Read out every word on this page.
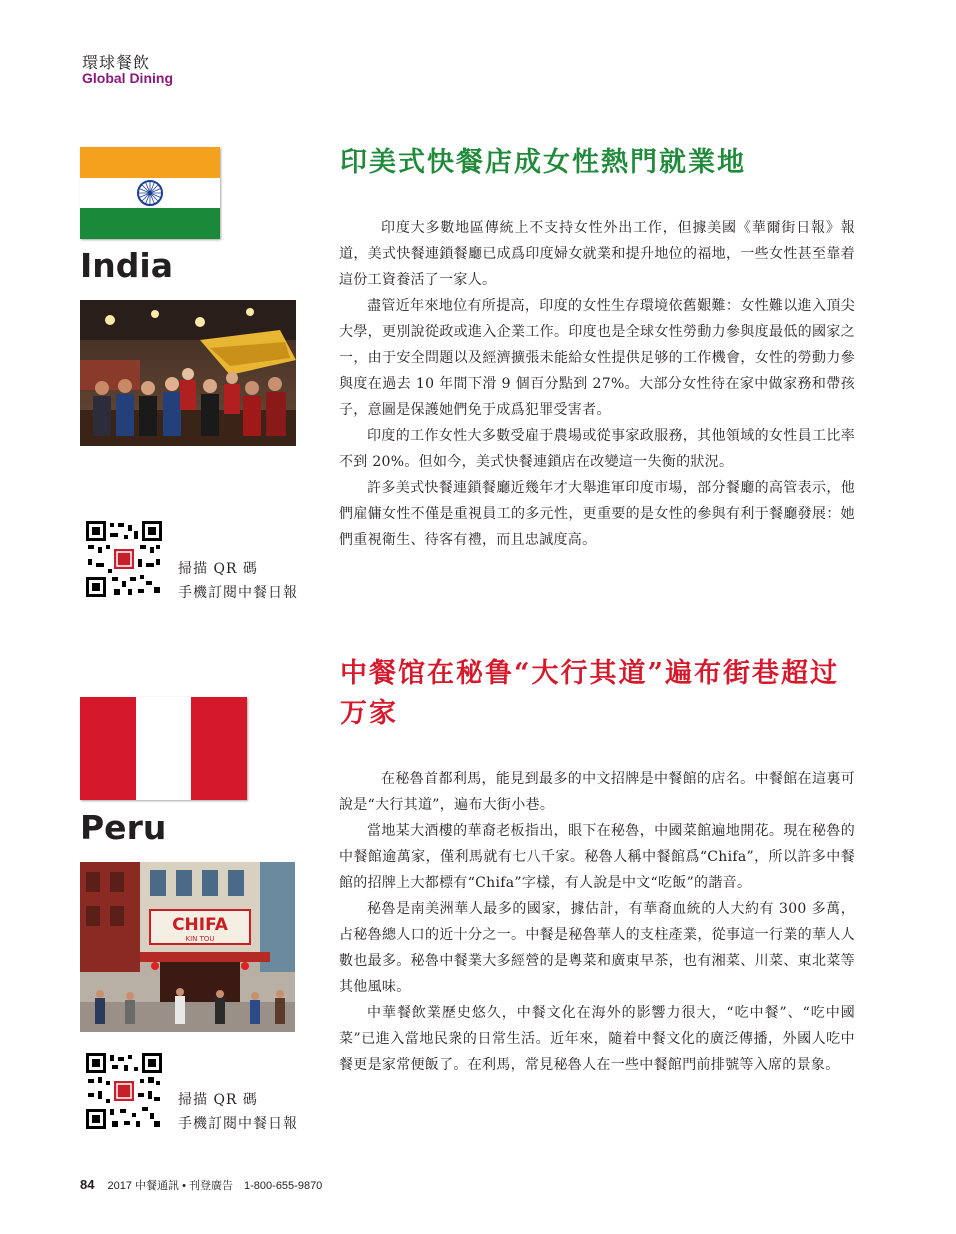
環球餐飲
Global Dining
India
掃描 QR 碼
手機訂閱中餐日報
印美式快餐店成女性熱門就業地

印度大多數地區傳統上不支持女性外出工作，但據美國《華爾街日報》報道，美式快餐連鎖餐廳已成爲印度婦女就業和提升地位的福地，一些女性甚至靠着這份工資養活了一家人。

盡管近年來地位有所提高，印度的女性生存環境依舊艱難：女性難以進入頂尖大學，更別說從政或進入企業工作。印度也是全球女性勞動力參與度最低的國家之一，由于安全問題以及經濟擴張未能給女性提供足够的工作機會，女性的勞動力參與度在過去 10 年間下滑 9 個百分點到 27%。大部分女性待在家中做家務和帶孩子，意圖是保護她們免于成爲犯罪受害者。

印度的工作女性大多數受雇于農場或從事家政服務，其他領域的女性員工比率不到 20%。但如今，美式快餐連鎖店在改變這一失衡的狀況。

許多美式快餐連鎖餐廳近幾年才大舉進軍印度市場，部分餐廳的高管表示，他們雇傭女性不僅是重視員工的多元性，更重要的是女性的參與有利于餐廳發展：她們重視衛生、待客有禮，而且忠誠度高。

中餐馆在秘鲁“大行其道”遍布街巷超过万家
Peru
CHIFA
KIN TOU
掃描 QR 碼
手機訂閱中餐日報

在秘魯首都利馬，能見到最多的中文招牌是中餐館的店名。中餐館在這裏可說是“大行其道”，遍布大街小巷。

當地某大酒樓的華裔老板指出，眼下在秘魯，中國菜館遍地開花。現在秘魯的中餐館逾萬家，僅利馬就有七八千家。秘魯人稱中餐館爲“Chifa”，所以許多中餐館的招牌上大都標有“Chifa”字樣，有人說是中文“吃飯”的諧音。

秘魯是南美洲華人最多的國家，據估計，有華裔血統的人大約有 300 多萬，占秘魯總人口的近十分之一。中餐是秘魯華人的支柱產業，從事這一行業的華人人數也最多。秘魯中餐業大多經營的是粵菜和廣東早茶，也有湘菜、川菜、東北菜等其他風味。

中華餐飲業歷史悠久，中餐文化在海外的影響力很大，“吃中餐”、“吃中國菜”已進入當地民衆的日常生活。近年來，隨着中餐文化的廣泛傳播，外國人吃中餐更是家常便飯了。在利馬，常見秘魯人在一些中餐館門前排號等入席的景象。

84 2017 中餐通訊 • 刊登廣告　1-800-655-9870
